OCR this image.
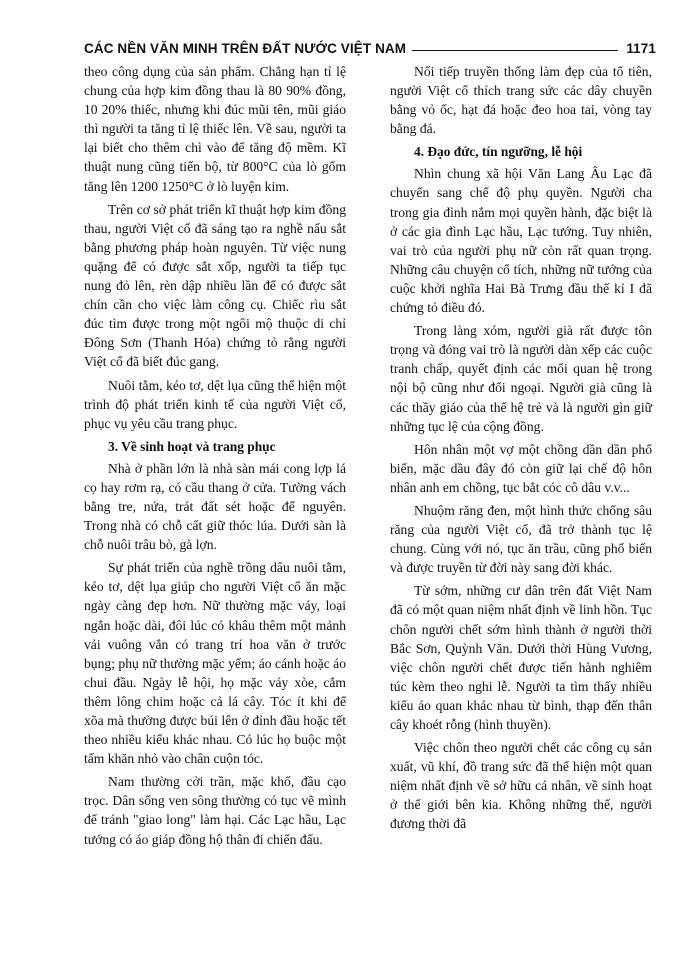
CÁC NỀN VĂN MINH TRÊN ĐẤT NƯỚC VIỆT NAM	1171

theo công dụng của sản phẩm. Chẳng hạn tỉ lệ chung của hợp kim đồng thau là 80 90% đồng, 10 20% thiếc, nhưng khi đúc mũi tên, mũi giáo thì người ta tăng tỉ lệ thiếc lên. Về sau, người ta lại biết cho thêm chì vào để tăng độ mềm. Kĩ thuật nung cũng tiến bộ, từ 800°C của lò gốm tăng lên 1200 1250°C ở lò luyện kim.

Trên cơ sở phát triển kĩ thuật hợp kim đồng thau, người Việt cổ đã sáng tạo ra nghề nấu sắt bằng phương pháp hoàn nguyên. Từ việc nung quặng để có được sắt xốp, người ta tiếp tục nung đỏ lên, rèn dập nhiều lần để có được sắt chín cần cho việc làm công cụ. Chiếc rìu sắt đúc tìm được trong một ngôi mộ thuộc di chỉ Đông Sơn (Thanh Hóa) chứng tỏ rằng người Việt cổ đã biết đúc gang.

Nuôi tằm, kéo tơ, dệt lụa cũng thể hiện một trình độ phát triển kinh tế của người Việt cổ, phục vụ yêu cầu trang phục.

3. Về sinh hoạt và trang phục

Nhà ở phần lớn là nhà sàn mái cong lợp lá cọ hay rơm rạ, có cầu thang ở cửa. Tường vách bằng tre, nứa, trát đất sét hoặc để nguyên. Trong nhà có chỗ cất giữ thóc lúa. Dưới sàn là chỗ nuôi trâu bò, gà lợn.

Sự phát triển của nghề trồng dâu nuôi tằm, kéo tơ, dệt lụa giúp cho người Việt cổ ăn mặc ngày càng đẹp hơn. Nữ thường mặc váy, loại ngắn hoặc dài, đôi lúc có khâu thêm một mảnh vải vuông vắn có trang trí hoa văn ở trước bụng; phụ nữ thường mặc yếm; áo cánh hoặc áo chui đầu. Ngày lễ hội, họ mặc váy xòe, cắm thêm lông chim hoặc cả lá cây. Tóc ít khi để xõa mà thường được búi lên ở đỉnh đầu hoặc tết theo nhiều kiểu khác nhau. Có lúc họ buộc một tấm khăn nhỏ vào chân cuộn tóc.

Nam thường cởi trần, mặc khố, đầu cạo trọc. Dân sống ven sông thường có tục vẽ mình để tránh "giao long" làm hại. Các Lạc hầu, Lạc tướng có áo giáp đồng hộ thân đi chiến đấu.

Nối tiếp truyền thống làm đẹp của tổ tiên, người Việt cổ thích trang sức các dây chuyền bằng vỏ ốc, hạt đá hoặc đeo hoa tai, vòng tay bằng đá.

4. Đạo đức, tín ngưỡng, lễ hội

Nhìn chung xã hội Văn Lang Âu Lạc đã chuyển sang chế độ phụ quyền. Người cha trong gia đình nắm mọi quyền hành, đặc biệt là ở các gia đình Lạc hầu, Lạc tướng. Tuy nhiên, vai trò của người phụ nữ còn rất quan trọng. Những câu chuyện cổ tích, những nữ tướng của cuộc khởi nghĩa Hai Bà Trưng đầu thế kỉ I đã chứng tỏ điều đó.

Trong làng xóm, người già rất được tôn trọng và đóng vai trò là người dàn xếp các cuộc tranh chấp, quyết định các mối quan hệ trong nội bộ cũng như đối ngoại. Người già cũng là các thầy giáo của thế hệ trẻ và là người gìn giữ những tục lệ của cộng đồng.

Hôn nhân một vợ một chồng dần dần phổ biến, mặc dầu đây đó còn giữ lại chế độ hôn nhân anh em chồng, tục bắt cóc cô dâu v.v...

Nhuộm răng đen, một hình thức chống sâu răng của người Việt cổ, đã trở thành tục lệ chung. Cùng với nó, tục ăn trầu, cũng phổ biến và được truyền từ đời này sang đời khác.

Từ sớm, những cư dân trên đất Việt Nam đã có một quan niệm nhất định về linh hồn. Tục chôn người chết sớm hình thành ở người thời Bắc Sơn, Quỳnh Văn. Dưới thời Hùng Vương, việc chôn người chết được tiến hành nghiêm túc kèm theo nghi lễ. Người ta tìm thấy nhiều kiểu áo quan khác nhau từ bình, thạp đến thân cây khoét rỗng (hình thuyền).

Việc chôn theo người chết các công cụ sản xuất, vũ khí, đồ trang sức đã thể hiện một quan niệm nhất định về sở hữu cá nhân, về sinh hoạt ở thế giới bên kia. Không những thế, người đương thời đã
